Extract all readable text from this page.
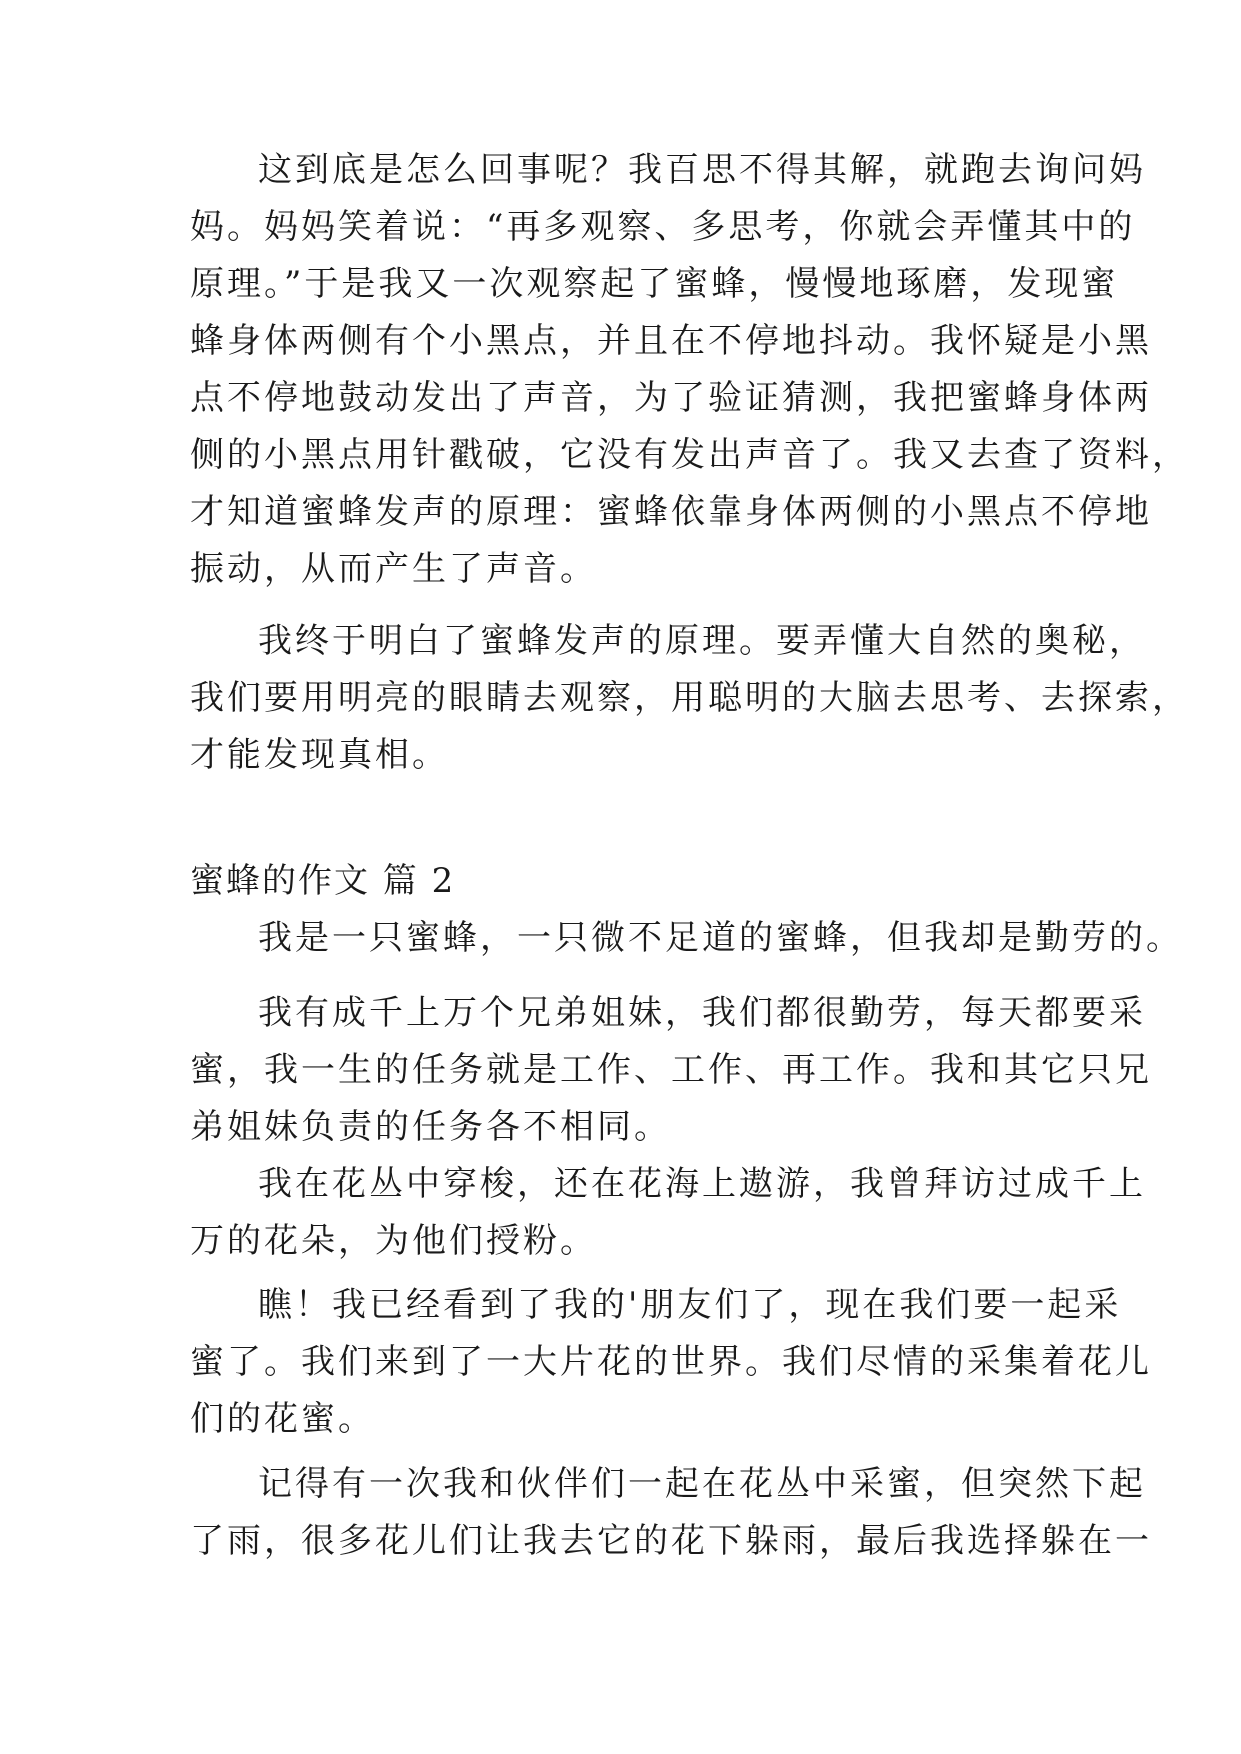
这到底是怎么回事呢？我百思不得其解，就跑去询问妈
妈。妈妈笑着说：“再多观察、多思考，你就会弄懂其中的
原理。”于是我又一次观察起了蜜蜂，慢慢地琢磨，发现蜜
蜂身体两侧有个小黑点，并且在不停地抖动。我怀疑是小黑
点不停地鼓动发出了声音，为了验证猜测，我把蜜蜂身体两
侧的小黑点用针戳破，它没有发出声音了。我又去查了资料，
才知道蜜蜂发声的原理：蜜蜂依靠身体两侧的小黑点不停地
振动，从而产生了声音。
我终于明白了蜜蜂发声的原理。要弄懂大自然的奥秘，
我们要用明亮的眼睛去观察，用聪明的大脑去思考、去探索，
才能发现真相。
蜜蜂的作文 篇 2
我是一只蜜蜂，一只微不足道的蜜蜂，但我却是勤劳的。
我有成千上万个兄弟姐妹，我们都很勤劳，每天都要采
蜜，我一生的任务就是工作、工作、再工作。我和其它只兄
弟姐妹负责的任务各不相同。
我在花丛中穿梭，还在花海上遨游，我曾拜访过成千上
万的花朵，为他们授粉。
瞧！我已经看到了我的'朋友们了，现在我们要一起采
蜜了。我们来到了一大片花的世界。我们尽情的采集着花儿
们的花蜜。
记得有一次我和伙伴们一起在花丛中采蜜，但突然下起
了雨，很多花儿们让我去它的花下躲雨，最后我选择躲在一
